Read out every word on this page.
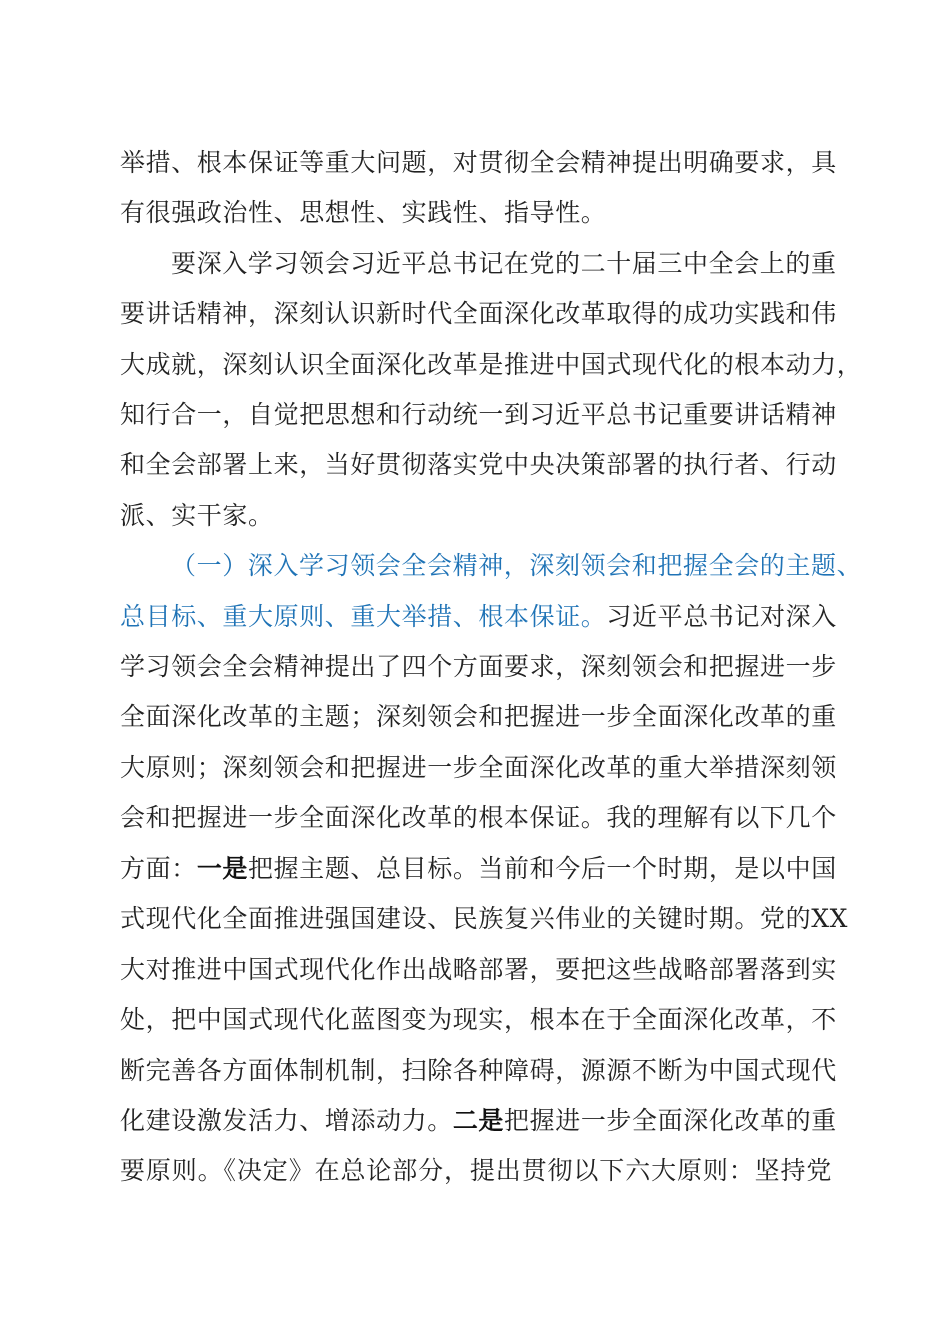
举措、根本保证等重大问题，对贯彻全会精神提出明确要求，具
有很强政治性、思想性、实践性、指导性。
要深入学习领会习近平总书记在党的二十届三中全会上的重
要讲话精神，深刻认识新时代全面深化改革取得的成功实践和伟
大成就，深刻认识全面深化改革是推进中国式现代化的根本动力，
知行合一，自觉把思想和行动统一到习近平总书记重要讲话精神
和全会部署上来，当好贯彻落实党中央决策部署的执行者、行动
派、实干家。
（一）深入学习领会全会精神，深刻领会和把握全会的主题、
总目标、重大原则、重大举措、根本保证。习近平总书记对深入
学习领会全会精神提出了四个方面要求，深刻领会和把握进一步
全面深化改革的主题；深刻领会和把握进一步全面深化改革的重
大原则；深刻领会和把握进一步全面深化改革的重大举措深刻领
会和把握进一步全面深化改革的根本保证。我的理解有以下几个
方面：一是把握主题、总目标。当前和今后一个时期，是以中国
式现代化全面推进强国建设、民族复兴伟业的关键时期。党的XX
大对推进中国式现代化作出战略部署，要把这些战略部署落到实
处，把中国式现代化蓝图变为现实，根本在于全面深化改革，不
断完善各方面体制机制，扫除各种障碍，源源不断为中国式现代
化建设激发活力、增添动力。二是把握进一步全面深化改革的重
要原则。《决定》在总论部分，提出贯彻以下六大原则：坚持党
